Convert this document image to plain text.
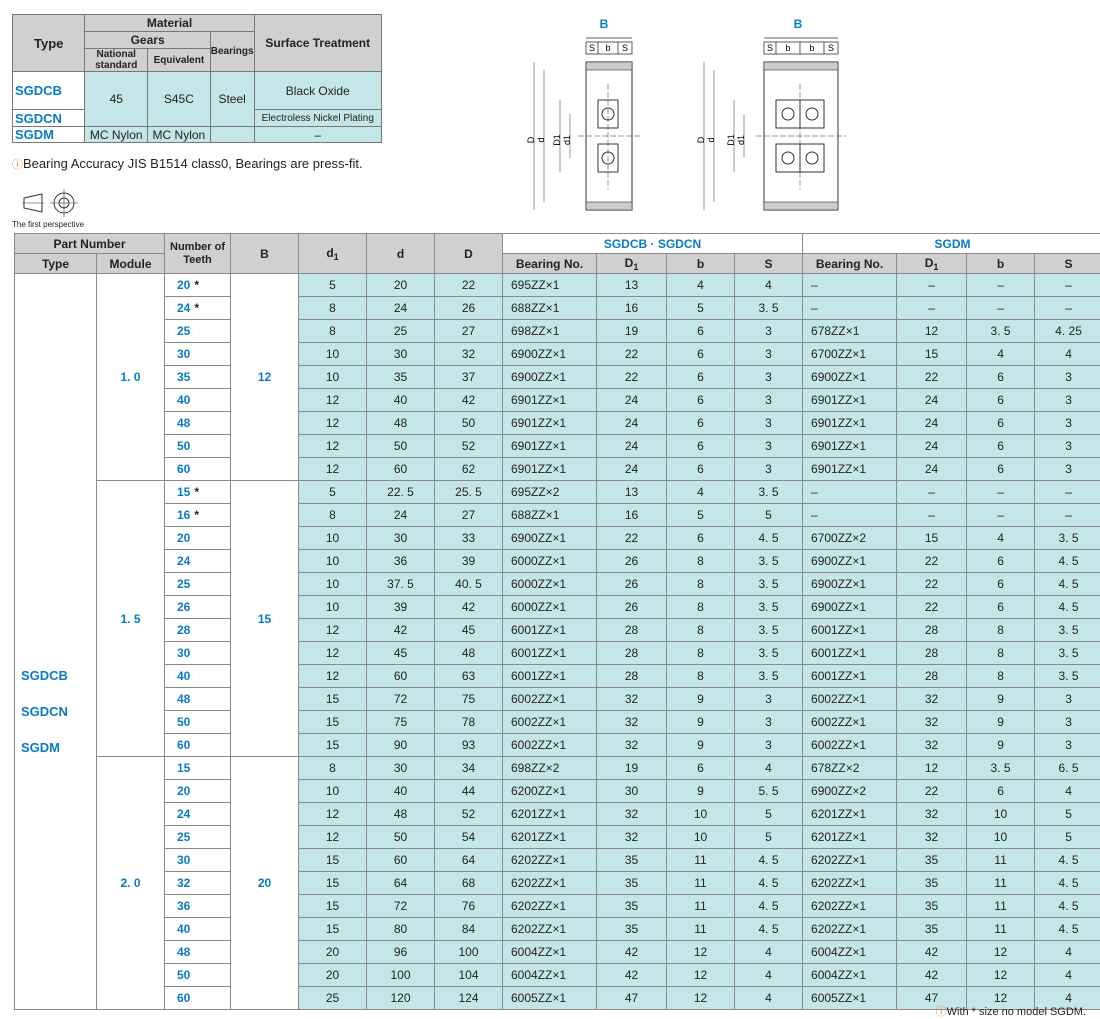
Type	Material			Surface Treatment
	Gears		Bearings	
	National standard	Equivalent		
SGDCB	45	S45C	Steel	Black Oxide
SGDCN				Electroless Nickel Plating
SGDM	MC Nylon	MC Nylon		–
ⓘBearing Accuracy JIS B1514 class0, Bearings are press-fit.
The first perspective
B
S b S
D d D1 d1
B
S b b S
D d D1 d1
Part Number		Number of Teeth	B	$d_1$	d	D	SGDCB · SGDCN				SGDM			
Type	Module						Bearing No.	$D_1$	b	S	Bearing No.	$D_1$	b	S

SGDCB
SGDCN
SGDM	1. 0	20 *	12	5	20	22	695ZZ×1	13	4	4	–	–	–	–
		24 *		8	24	26	688ZZ×1	16	5	3. 5	–	–	–	–
		25		8	25	27	698ZZ×1	19	6	3	678ZZ×1	12	3. 5	4. 25
		30		10	30	32	6900ZZ×1	22	6	3	6700ZZ×1	15	4	4
		35		10	35	37	6900ZZ×1	22	6	3	6900ZZ×1	22	6	3
		40		12	40	42	6901ZZ×1	24	6	3	6901ZZ×1	24	6	3
		48		12	48	50	6901ZZ×1	24	6	3	6901ZZ×1	24	6	3
		50		12	50	52	6901ZZ×1	24	6	3	6901ZZ×1	24	6	3
		60		12	60	62	6901ZZ×1	24	6	3	6901ZZ×1	24	6	3
	1. 5	15 *	15	5	22. 5	25. 5	695ZZ×2	13	4	3. 5	–	–	–	–
		16 *		8	24	27	688ZZ×1	16	5	5	–	–	–	–
		20		10	30	33	6900ZZ×1	22	6	4. 5	6700ZZ×2	15	4	3. 5
		24		10	36	39	6000ZZ×1	26	8	3. 5	6900ZZ×1	22	6	4. 5
		25		10	37. 5	40. 5	6000ZZ×1	26	8	3. 5	6900ZZ×1	22	6	4. 5
		26		10	39	42	6000ZZ×1	26	8	3. 5	6900ZZ×1	22	6	4. 5
		28		12	42	45	6001ZZ×1	28	8	3. 5	6001ZZ×1	28	8	3. 5
		30		12	45	48	6001ZZ×1	28	8	3. 5	6001ZZ×1	28	8	3. 5
		40		12	60	63	6001ZZ×1	28	8	3. 5	6001ZZ×1	28	8	3. 5
		48		15	72	75	6002ZZ×1	32	9	3	6002ZZ×1	32	9	3
		50		15	75	78	6002ZZ×1	32	9	3	6002ZZ×1	32	9	3
		60		15	90	93	6002ZZ×1	32	9	3	6002ZZ×1	32	9	3
	2. 0	15	20	8	30	34	698ZZ×2	19	6	4	678ZZ×2	12	3. 5	6. 5
		20		10	40	44	6200ZZ×1	30	9	5. 5	6900ZZ×2	22	6	4
		24		12	48	52	6201ZZ×1	32	10	5	6201ZZ×1	32	10	5
		25		12	50	54	6201ZZ×1	32	10	5	6201ZZ×1	32	10	5
		30		15	60	64	6202ZZ×1	35	11	4. 5	6202ZZ×1	35	11	4. 5
		32		15	64	68	6202ZZ×1	35	11	4. 5	6202ZZ×1	35	11	4. 5
		36		15	72	76	6202ZZ×1	35	11	4. 5	6202ZZ×1	35	11	4. 5
		40		15	80	84	6202ZZ×1	35	11	4. 5	6202ZZ×1	35	11	4. 5
		48		20	96	100	6004ZZ×1	42	12	4	6004ZZ×1	42	12	4
		50		20	100	104	6004ZZ×1	42	12	4	6004ZZ×1	42	12	4
		60		25	120	124	6005ZZ×1	47	12	4	6005ZZ×1	47	12	4
ⓘWith * size no model SGDM.
